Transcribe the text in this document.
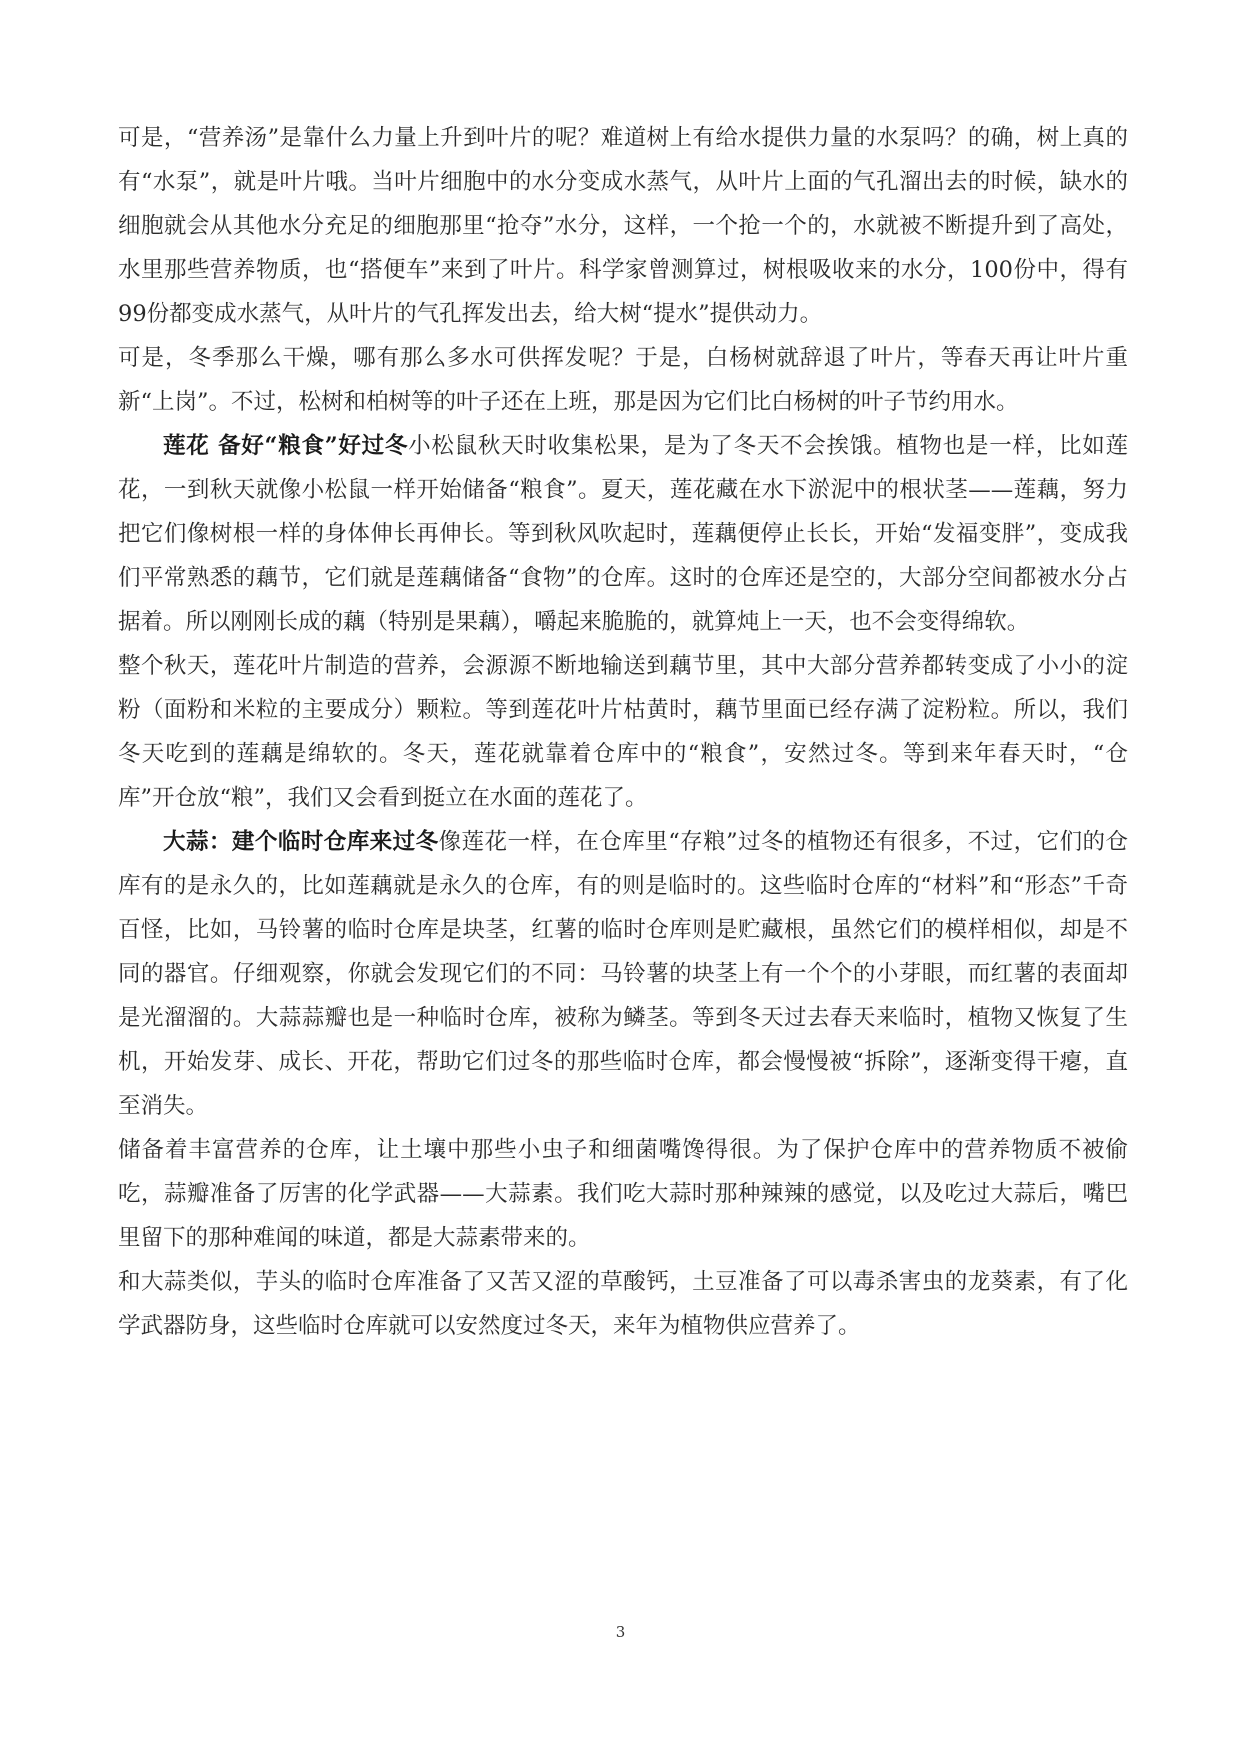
可是，“营养汤”是靠什么力量上升到叶片的呢？难道树上有给水提供力量的水泵吗？的确，树上真的有“水泵”，就是叶片哦。当叶片细胞中的水分变成水蒸气，从叶片上面的气孔溜出去的时候，缺水的细胞就会从其他水分充足的细胞那里“抢夺”水分，这样，一个抢一个的，水就被不断提升到了高处，水里那些营养物质，也“搭便车”来到了叶片。科学家曾测算过，树根吸收来的水分，100份中，得有99份都变成水蒸气，从叶片的气孔挥发出去，给大树“提水”提供动力。

可是，冬季那么干燥，哪有那么多水可供挥发呢？于是，白杨树就辞退了叶片，等春天再让叶片重新“上岗”。不过，松树和柏树等的叶子还在上班，那是因为它们比白杨树的叶子节约用水。

莲花 备好“粮食”好过冬小松鼠秋天时收集松果，是为了冬天不会挨饿。植物也是一样，比如莲花，一到秋天就像小松鼠一样开始储备“粮食”。夏天，莲花藏在水下淤泥中的根状茎——莲藕，努力把它们像树根一样的身体伸长再伸长。等到秋风吹起时，莲藕便停止长长，开始“发福变胖”，变成我们平常熟悉的藕节，它们就是莲藕储备“食物”的仓库。这时的仓库还是空的，大部分空间都被水分占据着。所以刚刚长成的藕（特别是果藕），嚼起来脆脆的，就算炖上一天，也不会变得绵软。

整个秋天，莲花叶片制造的营养，会源源不断地输送到藕节里，其中大部分营养都转变成了小小的淀粉（面粉和米粒的主要成分）颗粒。等到莲花叶片枯黄时，藕节里面已经存满了淀粉粒。所以，我们冬天吃到的莲藕是绵软的。冬天，莲花就靠着仓库中的“粮食”，安然过冬。等到来年春天时，“仓库”开仓放“粮”，我们又会看到挺立在水面的莲花了。

大蒜：建个临时仓库来过冬像莲花一样，在仓库里“存粮”过冬的植物还有很多，不过，它们的仓库有的是永久的，比如莲藕就是永久的仓库，有的则是临时的。这些临时仓库的“材料”和“形态”千奇百怪，比如，马铃薯的临时仓库是块茎，红薯的临时仓库则是贮藏根，虽然它们的模样相似，却是不同的器官。仔细观察，你就会发现它们的不同：马铃薯的块茎上有一个个的小芽眼，而红薯的表面却是光溜溜的。大蒜蒜瓣也是一种临时仓库，被称为鳞茎。等到冬天过去春天来临时，植物又恢复了生机，开始发芽、成长、开花，帮助它们过冬的那些临时仓库，都会慢慢被“拆除”，逐渐变得干瘪，直至消失。

储备着丰富营养的仓库，让土壤中那些小虫子和细菌嘴馋得很。为了保护仓库中的营养物质不被偷吃，蒜瓣准备了厉害的化学武器——大蒜素。我们吃大蒜时那种辣辣的感觉，以及吃过大蒜后，嘴巴里留下的那种难闻的味道，都是大蒜素带来的。

和大蒜类似，芋头的临时仓库准备了又苦又涩的草酸钙，土豆准备了可以毒杀害虫的龙葵素，有了化学武器防身，这些临时仓库就可以安然度过冬天，来年为植物供应营养了。

3
